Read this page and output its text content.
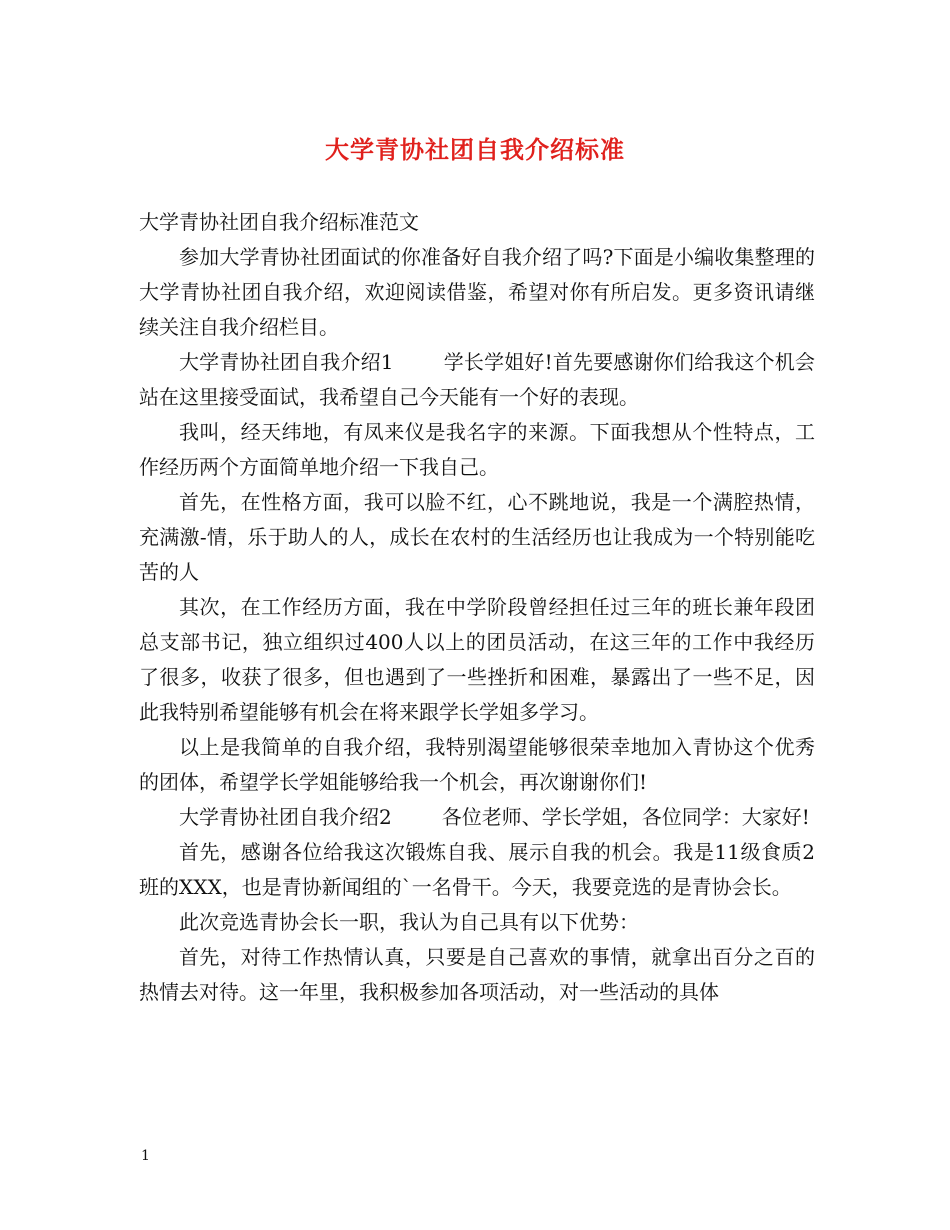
大学青协社团自我介绍标准

大学青协社团自我介绍标准范文

参加大学青协社团面试的你准备好自我介绍了吗?下面是小编收集整理的大学青协社团自我介绍，欢迎阅读借鉴，希望对你有所启发。更多资讯请继续关注自我介绍栏目。

大学青协社团自我介绍1	学长学姐好!首先要感谢你们给我这个机会站在这里接受面试，我希望自己今天能有一个好的表现。

我叫，经天纬地，有凤来仪是我名字的来源。下面我想从个性特点，工作经历两个方面简单地介绍一下我自己。

首先，在性格方面，我可以脸不红，心不跳地说，我是一个满腔热情，充满激-情，乐于助人的人，成长在农村的生活经历也让我成为一个特别能吃苦的人

其次，在工作经历方面，我在中学阶段曾经担任过三年的班长兼年段团总支部书记，独立组织过400人以上的团员活动，在这三年的工作中我经历了很多，收获了很多，但也遇到了一些挫折和困难，暴露出了一些不足，因此我特别希望能够有机会在将来跟学长学姐多学习。

以上是我简单的自我介绍，我特别渴望能够很荣幸地加入青协这个优秀的团体，希望学长学姐能够给我一个机会，再次谢谢你们!

大学青协社团自我介绍2	各位老师、学长学姐，各位同学：大家好!

首先，感谢各位给我这次锻炼自我、展示自我的机会。我是11级食质2班的XXX，也是青协新闻组的`一名骨干。今天，我要竞选的是青协会长。

此次竞选青协会长一职，我认为自己具有以下优势：

首先，对待工作热情认真，只要是自己喜欢的事情，就拿出百分之百的热情去对待。这一年里，我积极参加各项活动，对一些活动的具体

1
